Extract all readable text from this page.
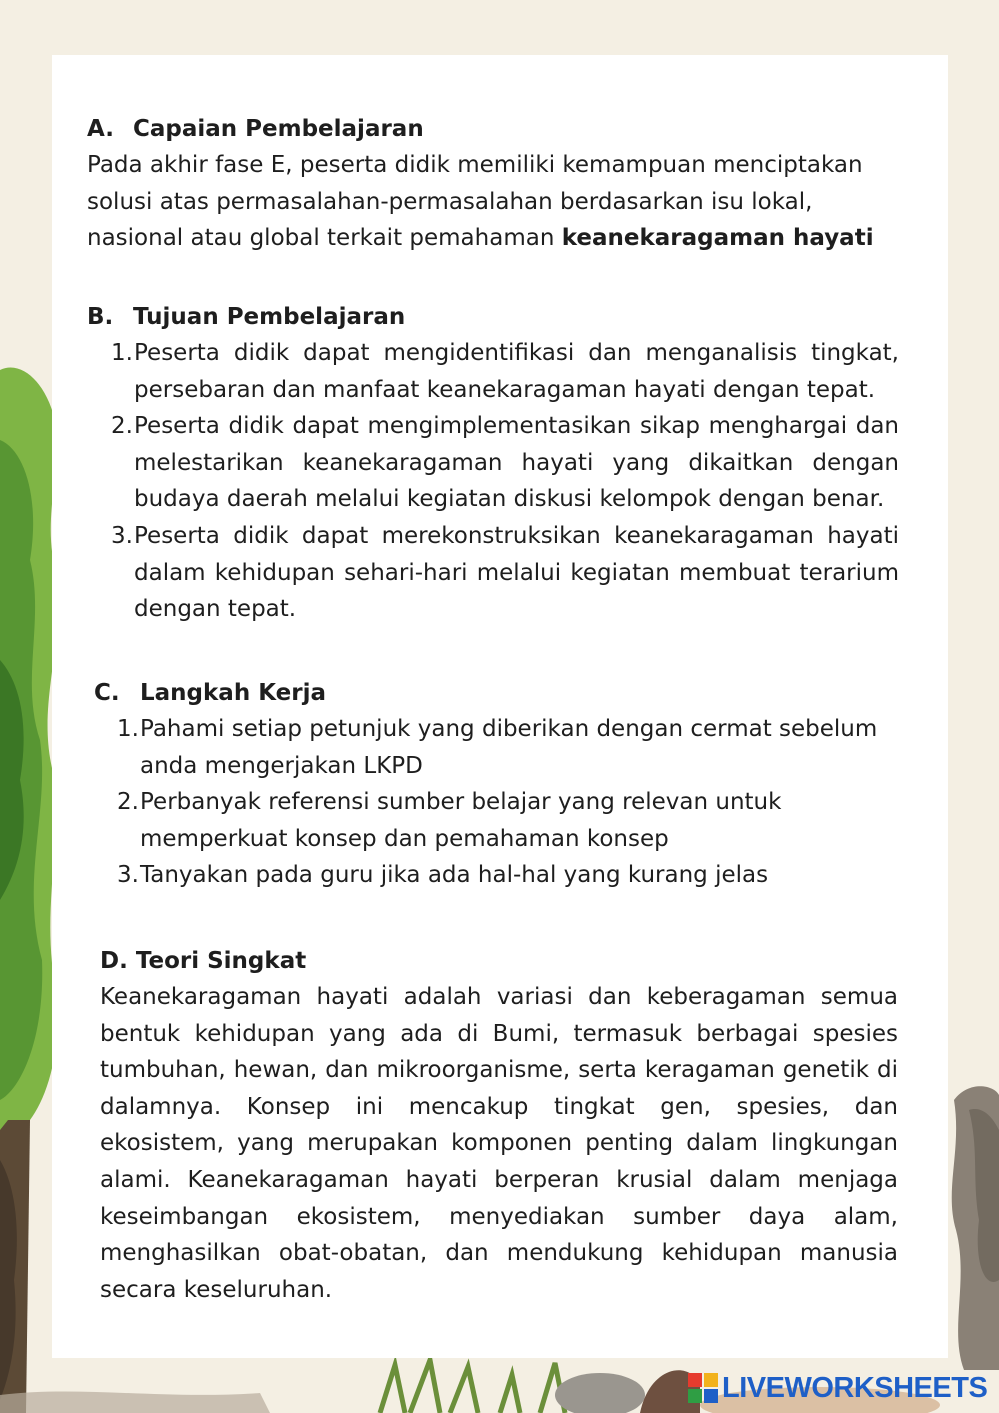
A. Capaian Pembelajaran
Pada akhir fase E, peserta didik memiliki kemampuan menciptakan solusi atas permasalahan-permasalahan berdasarkan isu lokal, nasional atau global terkait pemahaman keanekaragaman hayati
B. Tujuan Pembelajaran
1. Peserta didik dapat mengidentifikasi dan menganalisis tingkat, persebaran dan manfaat keanekaragaman hayati dengan tepat.
2. Peserta didik dapat mengimplementasikan sikap menghargai dan melestarikan keanekaragaman hayati yang dikaitkan dengan budaya daerah melalui kegiatan diskusi kelompok dengan benar.
3. Peserta didik dapat merekonstruksikan keanekaragaman hayati dalam kehidupan sehari-hari melalui kegiatan membuat terarium dengan tepat.
C. Langkah Kerja
1. Pahami setiap petunjuk yang diberikan dengan cermat sebelum anda mengerjakan LKPD
2. Perbanyak referensi sumber belajar yang relevan untuk memperkuat konsep dan pemahaman konsep
3. Tanyakan pada guru jika ada hal-hal yang kurang jelas
D. Teori Singkat
Keanekaragaman hayati adalah variasi dan keberagaman semua bentuk kehidupan yang ada di Bumi, termasuk berbagai spesies tumbuhan, hewan, dan mikroorganisme, serta keragaman genetik di dalamnya. Konsep ini mencakup tingkat gen, spesies, dan ekosistem, yang merupakan komponen penting dalam lingkungan alami. Keanekaragaman hayati berperan krusial dalam menjaga keseimbangan ekosistem, menyediakan sumber daya alam, menghasilkan obat-obatan, dan mendukung kehidupan manusia secara keseluruhan.
LIVEWORKSHEETS
